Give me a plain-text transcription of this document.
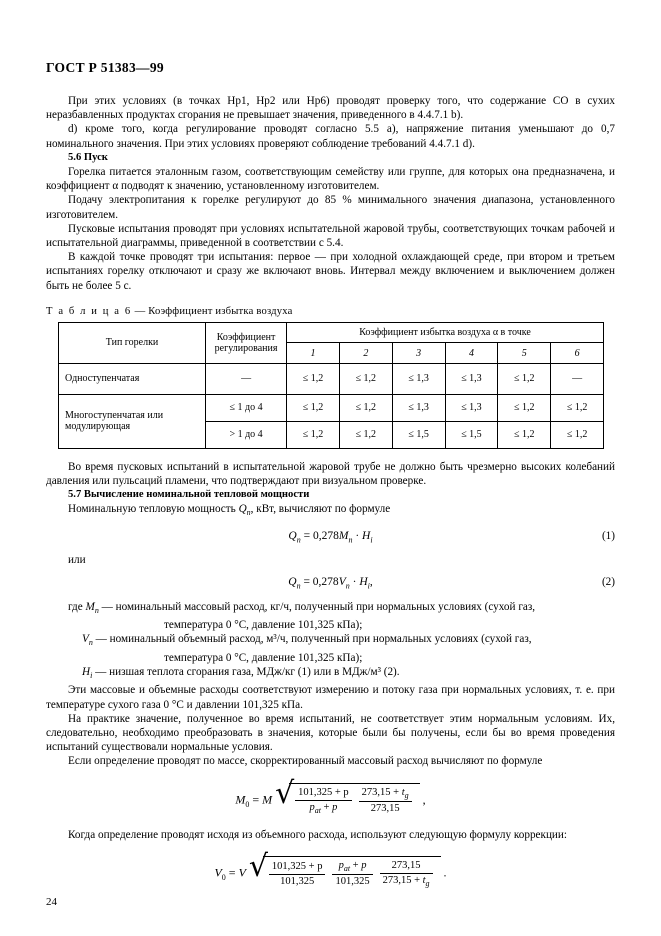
ГОСТ Р 51383—99

При этих условиях (в точках Нр1, Нр2 или Нр6) проводят проверку того, что содержание СО в сухих неразбавленных продуктах сгорания не превышает значения, приведенного в 4.4.7.1 b).

d) кроме того, когда регулирование проводят согласно 5.5 a), напряжение питания уменьшают до 0,7 номинального значения. При этих условиях проверяют соблюдение требований 4.4.7.1 d).

5.6 Пуск

Горелка питается эталонным газом, соответствующим семейству или группе, для которых она предназначена, и коэффициент α подводят к значению, установленному изготовителем.

Подачу электропитания к горелке регулируют до 85 % минимального значения диапазона, установленного изготовителем.

Пусковые испытания проводят при условиях испытательной жаровой трубы, соответствующих точкам рабочей и испытательной диаграммы, приведенной в соответствии с 5.4.

В каждой точке проводят три испытания: первое — при холодной охлаждающей среде, при втором и третьем испытаниях горелку отключают и сразу же включают вновь. Интервал между включением и выключением должен быть не более 5 с.

Т а б л и ц а 6 — Коэффициент избытка воздуха
Тип горелки	Коэффициент регулирования	Коэффициент избытка воздуха α в точке					
		1	2	3	4	5	6
Одноступенчатая	—	≤ 1,2	≤ 1,2	≤ 1,3	≤ 1,3	≤ 1,2	—
Многоступенчатая или модулирующая	≤ 1 до 4	≤ 1,2	≤ 1,2	≤ 1,3	≤ 1,3	≤ 1,2	≤ 1,2
	> 1 до 4	≤ 1,2	≤ 1,2	≤ 1,5	≤ 1,5	≤ 1,2	≤ 1,2

Во время пусковых испытаний в испытательной жаровой трубе не должно быть чрезмерно высоких колебаний давления или пульсаций пламени, что подтверждают при визуальном проверке.

5.7 Вычисление номинальной тепловой мощности

Номинальную тепловую мощность $Q_n$, кВт, вычисляют по формуле

$Q_n = 0,278M_n \cdot H_i$	(1)

или

$Q_n = 0,278V_n \cdot H_i$,	(2)
где $M_n$ — номинальный массовый расход, кг/ч, полученный при нормальных условиях (сухой газ,
температура 0 °С, давление 101,325 кПа);
$V_n$ — номинальный объемный расход, м³/ч, полученный при нормальных условиях (сухой газ,
температура 0 °С, давление 101,325 кПа);
$H_i$ — низшая теплота сгорания газа, МДж/кг (1) или в МДж/м³ (2).

Эти массовые и объемные расходы соответствуют измерению и потоку газа при нормальных условиях, т. е. при температуре сухого газа 0 °С и давлении 101,325 кПа.

На практике значение, полученное во время испытаний, не соответствует этим нормальным условиям. Их, следовательно, необходимо преобразовать в значения, которые были бы получены, если бы во время проведения испытаний существовали нормальные условия.

Если определение проводят по массе, скорректированный массовый расход вычисляют по формуле

$M_0 = M$ √ $\frac{101,325 + p}{p_{аt} + p}$
$\frac{273,15 + t_g}{273,15}$ ,

Когда определение проводят исходя из объемного расхода, используют следующую формулу коррекции:

$V_0 = V$ √ $\frac{101,325 + p}{101,325}$
$\frac{p_{аt} + p}{101,325}$
$\frac{273,15}{273,15 + t_g}$ .
24
